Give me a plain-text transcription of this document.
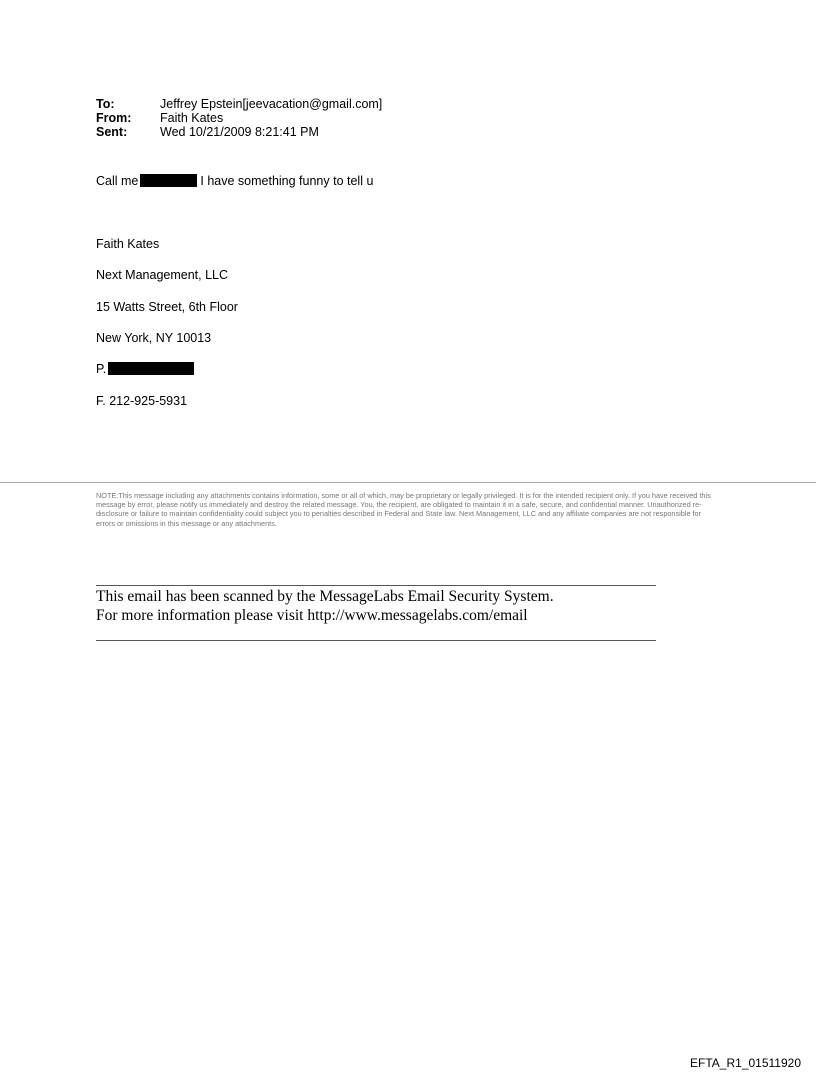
To:	Jeffrey Epstein[jeevacation@gmail.com]
From: Faith Kates
Sent:	Wed 10/21/2009 8:21:41 PM
Call me	I have something funny to tell u
Faith Kates
Next Management, LLC
15 Watts Street, 6th Floor
New York, NY 10013
P.
F. 212-925-5931
NOTE:This message including any attachments contains information, some or all of which, may be proprietary or legally privileged. It is for the intended recipient only. If you have received this message by error, please notify us immediately and destroy the related message. You, the recipient, are obligated to maintain it in a safe, secure, and confidential manner. Unauthorized re-disclosure or failure to maintain confidentiality could subject you to penalties described in Federal and State law. Next Management, LLC and any affiliate companies are not responsible for errors or omissions in this message or any attachments.
This email has been scanned by the MessageLabs Email Security System.
For more information please visit http://www.messagelabs.com/email
EFTA_R1_01511920
